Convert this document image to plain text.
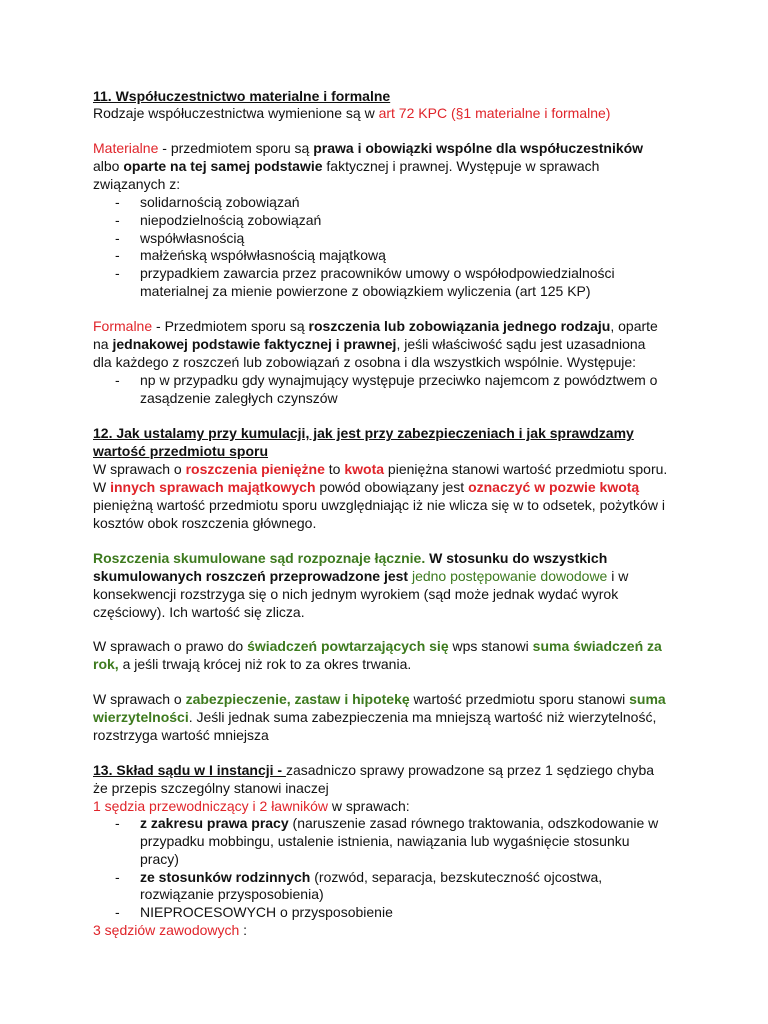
11. Współuczestnictwo materialne i formalne
Rodzaje współuczestnictwa wymienione są w art 72 KPC (§1 materialne i formalne)
Materialne - przedmiotem sporu są prawa i obowiązki wspólne dla współuczestników
albo oparte na tej samej podstawie faktycznej i prawnej. Występuje w sprawach
związanych z:
- solidarnością zobowiązań
- niepodzielnością zobowiązań
- współwłasnością
- małżeńską współwłasnością majątkową
- przypadkiem zawarcia przez pracowników umowy o współodpowiedzialności
materialnej za mienie powierzone z obowiązkiem wyliczenia (art 125 KP)
Formalne - Przedmiotem sporu są roszczenia lub zobowiązania jednego rodzaju, oparte
na jednakowej podstawie faktycznej i prawnej, jeśli właściwość sądu jest uzasadniona
dla każdego z roszczeń lub zobowiązań z osobna i dla wszystkich wspólnie. Występuje:
- np w przypadku gdy wynajmujący występuje przeciwko najemcom z powództwem o
zasądzenie zaległych czynszów
12. Jak ustalamy przy kumulacji, jak jest przy zabezpieczeniach i jak sprawdzamy
wartość przedmiotu sporu
W sprawach o roszczenia pieniężne to kwota pieniężna stanowi wartość przedmiotu sporu.
W innych sprawach majątkowych powód obowiązany jest oznaczyć w pozwie kwotą
pieniężną wartość przedmiotu sporu uwzględniając iż nie wlicza się w to odsetek, pożytków i
kosztów obok roszczenia głównego.
Roszczenia skumulowane sąd rozpoznaje łącznie. W stosunku do wszystkich
skumulowanych roszczeń przeprowadzone jest jedno postępowanie dowodowe i w
konsekwencji rozstrzyga się o nich jednym wyrokiem (sąd może jednak wydać wyrok
częściowy). Ich wartość się zlicza.
W sprawach o prawo do świadczeń powtarzających się wps stanowi suma świadczeń za
rok, a jeśli trwają krócej niż rok to za okres trwania.
W sprawach o zabezpieczenie, zastaw i hipotekę wartość przedmiotu sporu stanowi suma
wierzytelności. Jeśli jednak suma zabezpieczenia ma mniejszą wartość niż wierzytelność,
rozstrzyga wartość mniejsza
13. Skład sądu w I instancji - zasadniczo sprawy prowadzone są przez 1 sędziego chyba
że przepis szczególny stanowi inaczej
1 sędzia przewodniczący i 2 ławników w sprawach:
- z zakresu prawa pracy (naruszenie zasad równego traktowania, odszkodowanie w
przypadku mobbingu, ustalenie istnienia, nawiązania lub wygaśnięcie stosunku
pracy)
- ze stosunków rodzinnych (rozwód, separacja, bezskuteczność ojcostwa,
rozwiązanie przysposobienia)
- NIEPROCESOWYCH o przysposobienie
3 sędziów zawodowych :
